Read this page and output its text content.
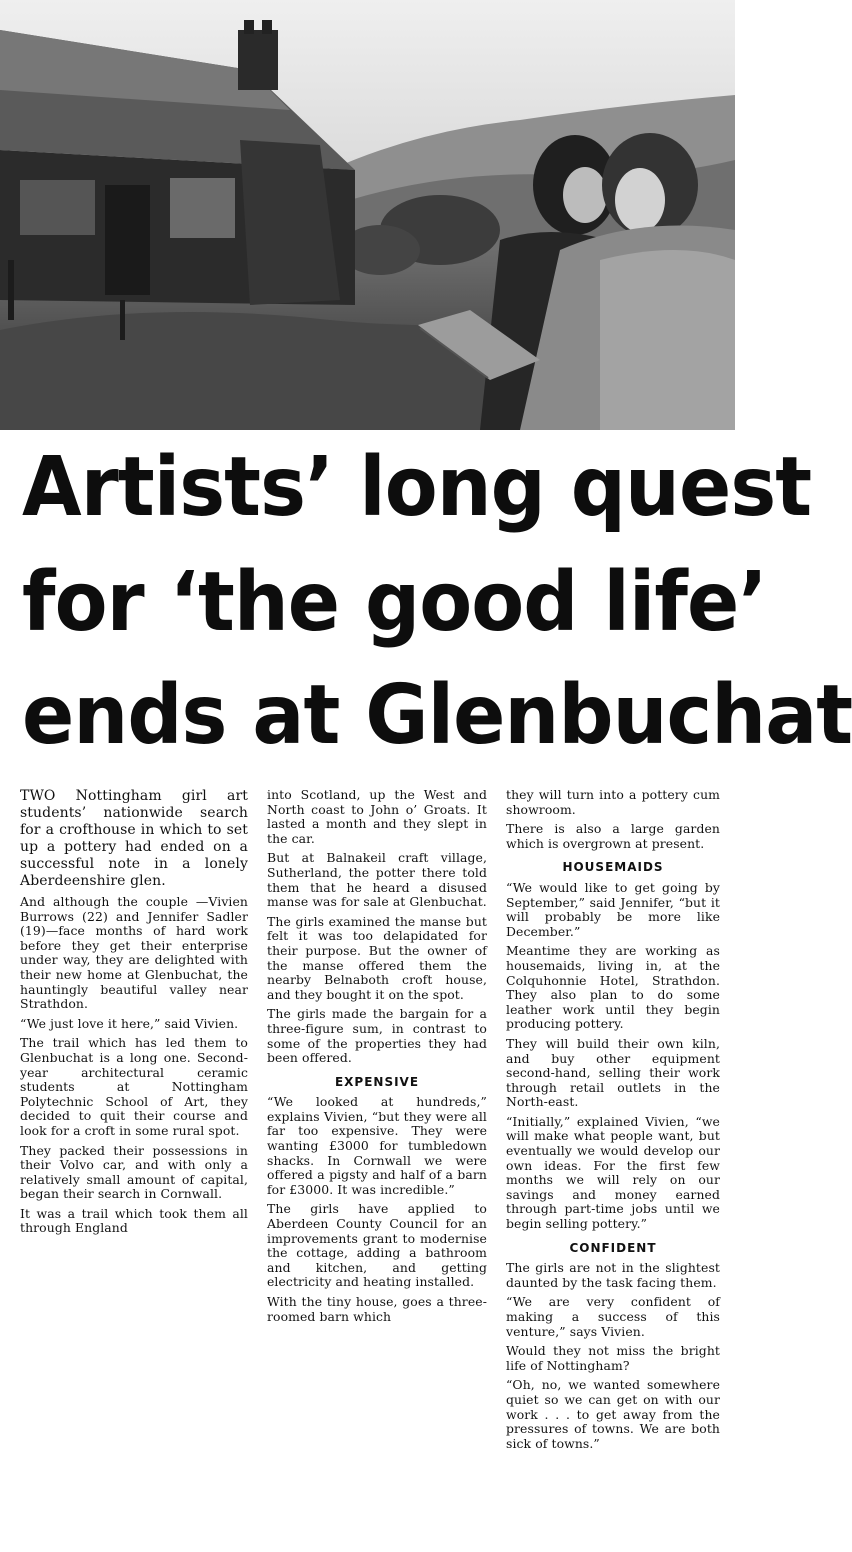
Artists’ long quest
for ‘the good life’
ends at Glenbuchat

TWO Nottingham girl art students’ nationwide search for a crofthouse in which to set up a pottery had ended on a successful note in a lonely Aberdeenshire glen.

And although the couple —Vivien Burrows (22) and Jennifer Sadler (19)—face months of hard work before they get their enterprise under way, they are delighted with their new home at Glenbuchat, the hauntingly beautiful valley near Strathdon.

“We just love it here,” said Vivien.

The trail which has led them to Glenbuchat is a long one. Second-year architectural ceramic students at Nottingham Polytechnic School of Art, they decided to quit their course and look for a croft in some rural spot.

They packed their possessions in their Volvo car, and with only a relatively small amount of capital, began their search in Cornwall.

It was a trail which took them all through England

into Scotland, up the West and North coast to John o’ Groats. It lasted a month and they slept in the car.

But at Balnakeil craft village, Sutherland, the potter there told them that he heard a disused manse was for sale at Glenbuchat.

The girls examined the manse but felt it was too delapidated for their purpose. But the owner of the manse offered them the nearby Belnaboth croft house, and they bought it on the spot.

The girls made the bargain for a three-figure sum, in contrast to some of the properties they had been offered.

EXPENSIVE

“We looked at hundreds,” explains Vivien, “but they were all far too expensive. They were wanting £3000 for tumbledown shacks. In Cornwall we were offered a pigsty and half of a barn for £3000. It was incredible.”

The girls have applied to Aberdeen County Council for an improvements grant to modernise the cottage, adding a bathroom and kitchen, and getting electricity and heating installed.

With the tiny house, goes a three-roomed barn which

they will turn into a pottery cum showroom.

There is also a large garden which is overgrown at present.

HOUSEMAIDS

“We would like to get going by September,” said Jennifer, “but it will probably be more like December.”

Meantime they are working as housemaids, living in, at the Colquhonnie Hotel, Strathdon. They also plan to do some leather work until they begin producing pottery.

They will build their own kiln, and buy other equipment second-hand, selling their work through retail outlets in the North-east.

“Initially,” explained Vivien, “we will make what people want, but eventually we would develop our own ideas. For the first few months we will rely on our savings and money earned through part-time jobs until we begin selling pottery.”

CONFIDENT

The girls are not in the slightest daunted by the task facing them.

“We are very confident of making a success of this venture,” says Vivien.

Would they not miss the bright life of Nottingham?

“Oh, no, we wanted somewhere quiet so we can get on with our work . . . to get away from the pressures of towns. We are both sick of towns.”
